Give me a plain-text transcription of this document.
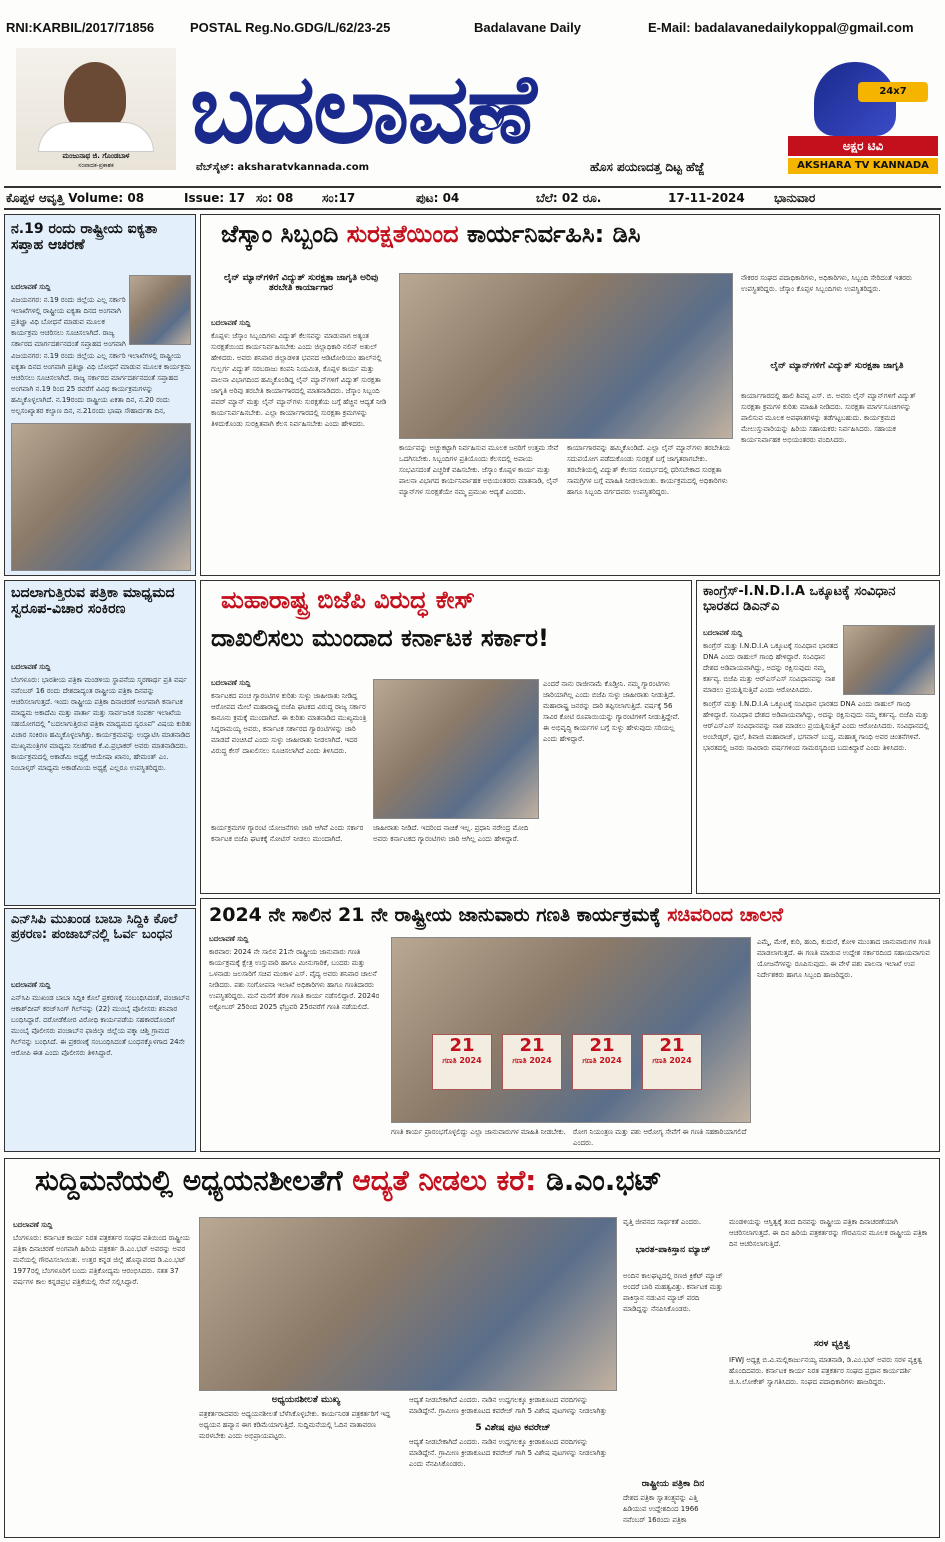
RNI:KARBIL/2017/71856	POSTAL Reg.No.GDG/L/62/23-25	Badalavane Daily	E-Mail: badalavanedailykoppal@gmail.com
ಮಂಜುನಾಥ ಜಿ. ಗೊಂಡಬಾಳ
ಸಂಪಾದಕ-ಪ್ರಕಾಶಕ
ಬದಲಾವಣೆ
ವೆಬ್‌ಸೈಟ್: aksharatvkannada.com	ಹೊಸ ಪಯಣದತ್ತ ದಿಟ್ಟ ಹೆಜ್ಜೆ
24x7
ಅಕ್ಷರ ಟಿವಿ
AKSHARA TV KANNADA
ಕೊಪ್ಪಳ ಆವೃತ್ತಿ Volume: 08	Issue: 17 ಸಂ: 08 ಸಂ:17	ಪುಟ: 04	ಬೆಲೆ: 02 ರೂ.	17-11-2024 ಭಾನುವಾರ
ನ.19 ರಂದು ರಾಷ್ಟ್ರೀಯ ಐಕ್ಯತಾ ಸಪ್ತಾಹ ಆಚರಣೆ
ಬದಲಾವಣೆ ಸುದ್ದಿ
ವಿಜಯನಗರ: ನ.19 ರಂದು ಜಿಲ್ಲೆಯ ಎಲ್ಲ ಸರ್ಕಾರಿ ಇಲಾಖೆಗಳಲ್ಲಿ ರಾಷ್ಟ್ರೀಯ ಐಕ್ಯತಾ ದಿನದ ಅಂಗವಾಗಿ ಪ್ರತಿಜ್ಞಾ ವಿಧಿ ಬೋಧನೆ ಮಾಡುವ ಮೂಲಕ ಕಾರ್ಯಕ್ರಮ ಆಚರಿಸಲು ಸೂಚಿಸಲಾಗಿದೆ. ರಾಜ್ಯ ಸರ್ಕಾರದ ಮಾರ್ಗದರ್ಶನದಂತೆ ಸಪ್ತಾಹದ ಅಂಗವಾಗಿ
ವಿಜಯನಗರ: ನ.19 ರಂದು ಜಿಲ್ಲೆಯ ಎಲ್ಲ ಸರ್ಕಾರಿ ಇಲಾಖೆಗಳಲ್ಲಿ ರಾಷ್ಟ್ರೀಯ ಐಕ್ಯತಾ ದಿನದ ಅಂಗವಾಗಿ ಪ್ರತಿಜ್ಞಾ ವಿಧಿ ಬೋಧನೆ ಮಾಡುವ ಮೂಲಕ ಕಾರ್ಯಕ್ರಮ ಆಚರಿಸಲು ಸೂಚಿಸಲಾಗಿದೆ. ರಾಜ್ಯ ಸರ್ಕಾರದ ಮಾರ್ಗದರ್ಶನದಂತೆ ಸಪ್ತಾಹದ ಅಂಗವಾಗಿ ನ.19 ರಿಂದ 25 ರವರೆಗೆ ವಿವಿಧ ಕಾರ್ಯಕ್ರಮಗಳನ್ನು ಹಮ್ಮಿಕೊಳ್ಳಲಾಗಿದೆ. ನ.19ರಂದು ರಾಷ್ಟ್ರೀಯ ಏಕತಾ ದಿನ, ನ.20 ರಂದು ಅಲ್ಪಸಂಖ್ಯಾತರ ಕಲ್ಯಾಣ ದಿನ, ನ.21ರಂದು ಭಾಷಾ ಸೌಹಾರ್ದತಾ ದಿನ,
ಬದಲಾಗುತ್ತಿರುವ ಪತ್ರಿಕಾ ಮಾಧ್ಯಮದ ಸ್ವರೂಪ-ವಿಚಾರ ಸಂಕಿರಣ
ಬದಲಾವಣೆ ಸುದ್ದಿ
ಬೆಂಗಳೂರು: ಭಾರತೀಯ ಪತ್ರಿಕಾ ಮಂಡಳಿಯ ಸ್ಥಾಪನೆಯ ಸ್ಮರಣಾರ್ಥ ಪ್ರತಿ ವರ್ಷ ನವೆಂಬರ್ 16 ರಂದು ದೇಶದಾದ್ಯಂತ ರಾಷ್ಟ್ರೀಯ ಪತ್ರಿಕಾ ದಿನವನ್ನು ಆಚರಿಸಲಾಗುತ್ತದೆ. ಇಂದು ರಾಷ್ಟ್ರೀಯ ಪತ್ರಿಕಾ ದಿನಾಚರಣೆ ಅಂಗವಾಗಿ ಕರ್ನಾಟಕ ಮಾಧ್ಯಮ ಅಕಾದೆಮಿ ಮತ್ತು ವಾರ್ತಾ ಮತ್ತು ಸಾರ್ವಜನಿಕ ಸಂಪರ್ಕ ಇಲಾಖೆಯ ಸಹಯೋಗದಲ್ಲಿ "ಬದಲಾಗುತ್ತಿರುವ ಪತ್ರಿಕಾ ಮಾಧ್ಯಮದ ಸ್ವರೂಪ" ವಿಷಯ ಕುರಿತು ವಿಚಾರ ಸಂಕಿರಣ ಹಮ್ಮಿಕೊಳ್ಳಲಾಗಿತ್ತು. ಕಾರ್ಯಕ್ರಮವನ್ನು ಉದ್ಘಾಟಿಸಿ ಮಾತನಾಡಿದ ಮುಖ್ಯಮಂತ್ರಿಗಳ ಮಾಧ್ಯಮ ಸಲಹೆಗಾರ ಕೆ.ವಿ.ಪ್ರಭಾಕರ್ ಅವರು ಮಾತನಾಡಿದರು. ಕಾರ್ಯಕ್ರಮದಲ್ಲಿ ಅಕಾಡೆಮಿ ಅಧ್ಯಕ್ಷೆ ಆಯೇಷಾ ಖಾನಂ, ಹೇಮಂತ್ ಎಂ. ನಿಂಬಾಳ್ಕರ್ ಮಾಧ್ಯಮ ಅಕಾಡೆಮಿಯ ಅಧ್ಯಕ್ಷೆ ಎಲ್ಲರೂ ಉಪಸ್ಥಿತರಿದ್ದರು.
ಎನ್‌ಸಿಪಿ ಮುಖಂಡ ಬಾಬಾ ಸಿದ್ದಿಕಿ ಕೊಲೆ ಪ್ರಕರಣ: ಪಂಜಾಬ್‌ನಲ್ಲಿ ಓರ್ವ ಬಂಧನ
ಬದಲಾವಣೆ ಸುದ್ದಿ
ಎನ್‌ಸಿಪಿ ಮುಖಂಡ ಬಾಬಾ ಸಿದ್ದಿಕಿ ಕೊಲೆ ಪ್ರಕರಣಕ್ಕೆ ಸಂಬಂಧಿಸಿದಂತೆ, ಪಂಜಾಬ್‌ನ ಆಕಾಶ್‌ದೀಪ್ ಕರಜ್‌ಸಿಂಗ್ ಗಿಲ್‌ನನ್ನು (22) ಮುಂಬೈ ಪೊಲೀಸರು ಶನಿವಾರ ಬಂಧಿಸಿದ್ದಾರೆ. ದರೋಡೆಕೋರ ವಿರೋಧಿ ಕಾರ್ಯಪಡೆಯ ಸಹಕಾರದೊಂದಿಗೆ ಮುಂಬೈ ಪೊಲೀಸರು ಪಂಜಾಬ್‌ನ ಫಾಜಿಲ್ಕಾ ಜಿಲ್ಲೆಯ ಪಕ್ಕಾ ಚಿಶ್ತಿ ಗ್ರಾಮದ ಗಿಲ್‌ನನ್ನು ಬಂಧಿಸಿದೆ. ಈ ಪ್ರಕರಣಕ್ಕೆ ಸಂಬಂಧಿಸಿದಂತೆ ಬಂಧನಕ್ಕೊಳಗಾದ 24ನೇ ಆರೋಪಿ ಈತ ಎಂದು ಪೊಲೀಸರು ತಿಳಿಸಿದ್ದಾರೆ.
ಜೆಸ್ಕಾಂ ಸಿಬ್ಬಂದಿ ಸುರಕ್ಷತೆಯಿಂದ ಕಾರ್ಯನಿರ್ವಹಿಸಿ: ಡಿಸಿ
ಲೈನ್ ಮ್ಯಾನ್‌ಗಳಿಗೆ ವಿದ್ಯುತ್ ಸುರಕ್ಷತಾ ಜಾಗೃತಿ ಅರಿವು ತರಬೇತಿ ಕಾರ್ಯಾಗಾರ
ಬದಲಾವಣೆ ಸುದ್ದಿ
ಕೊಪ್ಪಳ: ಜೆಸ್ಕಾಂ ಸಿಬ್ಬಂದಿಗಳು ವಿದ್ಯುತ್ ಕೆಲಸವನ್ನು ಮಾಡುವಾಗ ಅತ್ಯಂತ ಸುರಕ್ಷತೆಯಿಂದ ಕಾರ್ಯನಿರ್ವಹಿಸಬೇಕು ಎಂದು ಜಿಲ್ಲಾಧಿಕಾರಿ ನಲಿನ್ ಅತುಲ್ ಹೇಳಿದರು. ಅವರು ಶನಿವಾರ ಜಿಲ್ಲಾಡಳಿತ ಭವನದ ಆಡಿಟೋರಿಯಂ ಹಾಲ್‌ನಲ್ಲಿ ಗುಲ್ಬರ್ಗ ವಿದ್ಯುತ್ ಸರಬರಾಜು ಕಂಪನಿ ನಿಯಮಿತ, ಕೊಪ್ಪಳ ಕಾರ್ಯ ಮತ್ತು ಪಾಲನಾ ವಿಭಾಗದಿಂದ ಹಮ್ಮಿಕೊಂಡಿದ್ದ ಲೈನ್ ಮ್ಯಾನ್‌ಗಳಿಗೆ ವಿದ್ಯುತ್ ಸುರಕ್ಷತಾ ಜಾಗೃತಿ ಅರಿವು ತರಬೇತಿ ಕಾರ್ಯಾಗಾರದಲ್ಲಿ ಮಾತನಾಡಿದರು. ಜೆಸ್ಕಾಂ ಸಿಬ್ಬಂದಿ ಪವರ್ ಮ್ಯಾನ್ ಮತ್ತು ಲೈನ್ ಮ್ಯಾನ್‌ಗಳು ಸುರಕ್ಷತೆಯ ಬಗ್ಗೆ ಹೆಚ್ಚಿನ ಆದ್ಯತೆ ನೀಡಿ ಕಾರ್ಯನಿರ್ವಹಿಸಬೇಕು. ಎಲ್ಲಾ ಕಾರ್ಯಾಗಾರದಲ್ಲಿ ಸುರಕ್ಷತಾ ಕ್ರಮಗಳನ್ನು ತಿಳಿದುಕೊಂಡು ಸುರಕ್ಷಿತವಾಗಿ ಕೆಲಸ ನಿರ್ವಹಿಸಬೇಕು ಎಂದು ಹೇಳಿದರು.
ಕಾರ್ಯವನ್ನು ಅಚ್ಚುಕಟ್ಟಾಗಿ ನಿರ್ವಹಿಸುವ ಮೂಲಕ ಜನರಿಗೆ ಉತ್ತಮ ಸೇವೆ ಒದಗಿಸಬೇಕು. ಸಿಬ್ಬಂದಿಗಳ ಪ್ರತಿಯೊಂದು ಕೆಲಸದಲ್ಲಿ ಅಪಾಯ ಸಂಭವಿಸದಂತೆ ಎಚ್ಚರಿಕೆ ವಹಿಸಬೇಕು. ಜೆಸ್ಕಾಂ ಕೊಪ್ಪಳ ಕಾರ್ಯ ಮತ್ತು ಪಾಲನಾ ವಿಭಾಗದ ಕಾರ್ಯನಿರ್ವಾಹಕ ಅಭಿಯಂತರರು ಮಾತನಾಡಿ, ಲೈನ್ ಮ್ಯಾನ್‌ಗಳ ಸುರಕ್ಷತೆಯೇ ನಮ್ಮ ಪ್ರಮುಖ ಆದ್ಯತೆ ಎಂದರು.
ಕಾರ್ಯಾಗಾರವನ್ನು ಹಮ್ಮಿಕೊಂಡಿದೆ. ಎಲ್ಲಾ ಲೈನ್ ಮ್ಯಾನ್‌ಗಳು ತರಬೇತಿಯ ಸದುಪಯೋಗ ಪಡೆದುಕೊಂಡು ಸುರಕ್ಷತೆ ಬಗ್ಗೆ ಜಾಗೃತರಾಗಬೇಕು. ತರಬೇತಿಯಲ್ಲಿ ವಿದ್ಯುತ್ ಕೆಲಸದ ಸಂದರ್ಭದಲ್ಲಿ ಧರಿಸಬೇಕಾದ ಸುರಕ್ಷತಾ ಸಾಮಗ್ರಿಗಳ ಬಗ್ಗೆ ಮಾಹಿತಿ ನೀಡಲಾಯಿತು. ಕಾರ್ಯಕ್ರಮದಲ್ಲಿ ಅಧಿಕಾರಿಗಳು ಹಾಗೂ ಸಿಬ್ಬಂದಿ ವರ್ಗದವರು ಉಪಸ್ಥಿತರಿದ್ದರು.
ನೌಕರರ ಸಂಘದ ಪದಾಧಿಕಾರಿಗಳು, ಅಧಿಕಾರಿಗಳು, ಸಿಬ್ಬಂದಿ ಸೇರಿದಂತೆ ಇತರರು ಉಪಸ್ಥಿತರಿದ್ದರು. ಜೆಸ್ಕಾಂ ಕೊಪ್ಪಳ ಸಿಬ್ಬಂದಿಗಳು ಉಪಸ್ಥಿತರಿದ್ದರು.
ಲೈನ್ ಮ್ಯಾನ್‌ಗಳಿಗೆ ವಿದ್ಯುತ್ ಸುರಕ್ಷತಾ ಜಾಗೃತಿ
ಕಾರ್ಯಾಗಾರದಲ್ಲಿ ಹಾಲಿ ಶಿವಪ್ಪ ಎಸ್. ಬಿ. ಅವರು ಲೈನ್ ಮ್ಯಾನ್‌ಗಳಿಗೆ ವಿದ್ಯುತ್ ಸುರಕ್ಷತಾ ಕ್ರಮಗಳ ಕುರಿತು ಮಾಹಿತಿ ನೀಡಿದರು. ಸುರಕ್ಷತಾ ಮಾರ್ಗಸೂಚಿಗಳನ್ನು ಪಾಲಿಸುವ ಮೂಲಕ ಅಪಘಾತಗಳನ್ನು ತಡೆಗಟ್ಟಬಹುದು. ಕಾರ್ಯಕ್ರಮದ ಮೇಲುಸ್ತುವಾರಿಯನ್ನು ಹಿರಿಯ ಸಹಾಯಕರು ನಿರ್ವಹಿಸಿದರು. ಸಹಾಯಕ ಕಾರ್ಯನಿರ್ವಾಹಕ ಅಭಿಯಂತರರು ವಂದಿಸಿದರು.
ಮಹಾರಾಷ್ಟ್ರ ಬಿಜೆಪಿ ವಿರುದ್ಧ ಕೇಸ್
ದಾಖಲಿಸಲು ಮುಂದಾದ ಕರ್ನಾಟಕ ಸರ್ಕಾರ!
ಬದಲಾವಣೆ ಸುದ್ದಿ
ಕರ್ನಾಟಕದ ಪಂಚ ಗ್ಯಾರಂಟಿಗಳ ಕುರಿತು ಸುಳ್ಳು ಜಾಹೀರಾತು ನೀಡಿದ್ದ ಆರೋಪದ ಮೇಲೆ ಮಹಾರಾಷ್ಟ್ರ ಬಿಜೆಪಿ ಘಟಕದ ವಿರುದ್ಧ ರಾಜ್ಯ ಸರ್ಕಾರ ಕಾನೂನು ಕ್ರಮಕ್ಕೆ ಮುಂದಾಗಿದೆ. ಈ ಕುರಿತು ಮಾತನಾಡಿದ ಮುಖ್ಯಮಂತ್ರಿ ಸಿದ್ದರಾಮಯ್ಯ ಅವರು, ಕರ್ನಾಟಕ ಸರ್ಕಾರದ ಗ್ಯಾರಂಟಿಗಳನ್ನು ಜಾರಿ ಮಾಡದೆ ವಂಚಿಸಿದೆ ಎಂದು ಸುಳ್ಳು ಜಾಹೀರಾತು ನೀಡಲಾಗಿದೆ. ಇದರ ವಿರುದ್ಧ ಕೇಸ್ ದಾಖಲಿಸಲು ಸೂಚಿಸಲಾಗಿದೆ ಎಂದು ತಿಳಿಸಿದರು.
ಎಂದರೆ ನಾನು ರಾಜೀನಾಮೆ ಕೊಡ್ತೀನಿ. ನಮ್ಮ ಗ್ಯಾರಂಟಿಗಳು ಜಾರಿಯಾಗಿಲ್ಲ ಎಂದು ಬಿಜೆಪಿ ಸುಳ್ಳು ಜಾಹೀರಾತು ನೀಡುತ್ತಿದೆ. ಮಹಾರಾಷ್ಟ್ರ ಜನರನ್ನು ದಾರಿ ತಪ್ಪಿಸಲಾಗುತ್ತಿದೆ. ವರ್ಷಕ್ಕೆ 56 ಸಾವಿರ ಕೋಟಿ ರೂಪಾಯಿಯನ್ನು ಗ್ಯಾರಂಟಿಗಳಿಗೆ ನೀಡುತ್ತಿದ್ದೇವೆ. ಈ ಅಭಿವೃದ್ಧಿ ಕಾರ್ಯಗಳ ಬಗ್ಗೆ ಸುಳ್ಳು ಹೇಳುವುದು ಸರಿಯಲ್ಲ ಎಂದು ಹೇಳಿದ್ದಾರೆ.
ಕಾರ್ಯಕ್ರಮಗಳ ಗ್ಯಾರಂಟಿ ಯೋಜನೆಗಳು ಜಾರಿ ಆಗಿವೆ ಎಂದು ಸರ್ಕಾರ ಕರ್ನಾಟಕ ಬಿಜೆಪಿ ಘಟಕಕ್ಕೆ ನೋಟಿಸ್ ನೀಡಲು ಮುಂದಾಗಿದೆ.
ಜಾಹೀರಾತು ನೀಡಿದೆ. ಇದರಿಂದ ನಾಚಿಕೆ ಇಲ್ಲ. ಪ್ರಧಾನಿ ನರೇಂದ್ರ ಮೋದಿ ಅವರು ಕರ್ನಾಟಕದ ಗ್ಯಾರಂಟಿಗಳು ಜಾರಿ ಆಗಿಲ್ಲ ಎಂದು ಹೇಳಿದ್ದಾರೆ.
ಕಾಂಗ್ರೆಸ್-I.N.D.I.A ಒಕ್ಕೂಟಕ್ಕೆ ಸಂವಿಧಾನ ಭಾರತದ ಡಿಎನ್‌ಎ
ಬದಲಾವಣೆ ಸುದ್ದಿ
ಕಾಂಗ್ರೆಸ್ ಮತ್ತು I.N.D.I.A ಒಕ್ಕೂಟಕ್ಕೆ ಸಂವಿಧಾನ ಭಾರತದ DNA ಎಂದು ರಾಹುಲ್ ಗಾಂಧಿ ಹೇಳಿದ್ದಾರೆ. ಸಂವಿಧಾನ ದೇಶದ ಅಡಿಪಾಯವಾಗಿದ್ದು, ಅದನ್ನು ರಕ್ಷಿಸುವುದು ನಮ್ಮ ಕರ್ತವ್ಯ. ಬಿಜೆಪಿ ಮತ್ತು ಆರ್‌ಎಸ್‌ಎಸ್ ಸಂವಿಧಾನವನ್ನು ನಾಶ ಮಾಡಲು ಪ್ರಯತ್ನಿಸುತ್ತಿವೆ ಎಂದು ಆರೋಪಿಸಿದರು.
ಕಾಂಗ್ರೆಸ್ ಮತ್ತು I.N.D.I.A ಒಕ್ಕೂಟಕ್ಕೆ ಸಂವಿಧಾನ ಭಾರತದ DNA ಎಂದು ರಾಹುಲ್ ಗಾಂಧಿ ಹೇಳಿದ್ದಾರೆ. ಸಂವಿಧಾನ ದೇಶದ ಅಡಿಪಾಯವಾಗಿದ್ದು, ಅದನ್ನು ರಕ್ಷಿಸುವುದು ನಮ್ಮ ಕರ್ತವ್ಯ. ಬಿಜೆಪಿ ಮತ್ತು ಆರ್‌ಎಸ್‌ಎಸ್ ಸಂವಿಧಾನವನ್ನು ನಾಶ ಮಾಡಲು ಪ್ರಯತ್ನಿಸುತ್ತಿವೆ ಎಂದು ಆರೋಪಿಸಿದರು. ಸಂವಿಧಾನದಲ್ಲಿ ಅಂಬೇಡ್ಕರ್, ಫುಲೆ, ಶಿವಾಜಿ ಮಹಾರಾಜ್, ಭಗವಾನ್ ಬುದ್ಧ, ಮಹಾತ್ಮ ಗಾಂಧಿ ಅವರ ಚಿಂತನೆಗಳಿವೆ. ಭಾರತದಲ್ಲಿ ಜನರು ಸಾವಿರಾರು ವರ್ಷಗಳಿಂದ ಸಾಮರಸ್ಯದಿಂದ ಬದುಕಿದ್ದಾರೆ ಎಂದು ತಿಳಿಸಿದರು.
2024 ನೇ ಸಾಲಿನ 21 ನೇ ರಾಷ್ಟ್ರೀಯ ಜಾನುವಾರು ಗಣತಿ ಕಾರ್ಯಕ್ರಮಕ್ಕೆ ಸಚಿವರಿಂದ ಚಾಲನೆ
ಬದಲಾವಣೆ ಸುದ್ದಿ
ಕಾರವಾರ: 2024 ನೇ ಸಾಲಿನ 21ನೇ ರಾಷ್ಟ್ರೀಯ ಜಾನುವಾರು ಗಣತಿ ಕಾರ್ಯಕ್ರಮಕ್ಕೆ ಕ್ಷೇತ್ರ ಉಸ್ತುವಾರಿ ಹಾಗೂ ಮೀನುಗಾರಿಕೆ, ಬಂದರು ಮತ್ತು ಒಳನಾಡು ಜಲಸಾರಿಗೆ ಸಚಿವ ಮಂಕಾಳ ಎಸ್. ವೈದ್ಯ ಅವರು ಶನಿವಾರ ಚಾಲನೆ ನೀಡಿದರು. ಪಶು ಸಂಗೋಪನಾ ಇಲಾಖೆ ಅಧಿಕಾರಿಗಳು ಹಾಗೂ ಗಣತಿದಾರರು ಉಪಸ್ಥಿತರಿದ್ದರು. ಮನೆ ಮನೆಗೆ ತೆರಳಿ ಗಣತಿ ಕಾರ್ಯ ನಡೆಸಲಿದ್ದಾರೆ. 2024ರ ಅಕ್ಟೋಬರ್ 25ರಿಂದ 2025 ಫೆಬ್ರವರಿ 25ರವರೆಗೆ ಗಣತಿ ನಡೆಯಲಿದೆ.
21
ಗಣತಿ 2024
21
ಗಣತಿ 2024
21
ಗಣತಿ 2024
21
ಗಣತಿ 2024
ಗಣತಿ ಕಾರ್ಯ ಪ್ರಾರಂಭಗೊಳ್ಳಲಿದ್ದು ಎಲ್ಲಾ ಜಾನುವಾರುಗಳ ಮಾಹಿತಿ ನೀಡಬೇಕು.	ರೋಗ ನಿಯಂತ್ರಣ ಮತ್ತು ಪಶು ಆರೋಗ್ಯ ಸೇವೆಗೆ ಈ ಗಣತಿ ಸಹಕಾರಿಯಾಗಲಿದೆ ಎಂದರು.
ಎಮ್ಮೆ, ಮೇಕೆ, ಕುರಿ, ಹಂದಿ, ಕುದುರೆ, ಕೋಳಿ ಮುಂತಾದ ಜಾನುವಾರುಗಳ ಗಣತಿ ಮಾಡಲಾಗುತ್ತದೆ. ಈ ಗಣತಿ ಮಾಡುವ ಉದ್ದೇಶ ಸರ್ಕಾರದಿಂದ ಸಹಾಯವಾಗುವ ಯೋಜನೆಗಳನ್ನು ರೂಪಿಸುವುದು. ಈ ವೇಳೆ ಪಶು ಪಾಲನಾ ಇಲಾಖೆ ಉಪ ನಿರ್ದೇಶಕರು ಹಾಗೂ ಸಿಬ್ಬಂದಿ ಹಾಜರಿದ್ದರು.
ಸುದ್ದಿಮನೆಯಲ್ಲಿ ಅಧ್ಯಯನಶೀಲತೆಗೆ ಆದ್ಯತೆ ನೀಡಲು ಕರೆ: ಡಿ.ಎಂ.ಭಟ್
ಬದಲಾವಣೆ ಸುದ್ದಿ
ಬೆಂಗಳೂರು: ಕರ್ನಾಟಕ ಕಾರ್ಯ ನಿರತ ಪತ್ರಕರ್ತರ ಸಂಘದ ವತಿಯಿಂದ ರಾಷ್ಟ್ರೀಯ ಪತ್ರಿಕಾ ದಿನಾಚರಣೆ ಅಂಗವಾಗಿ ಹಿರಿಯ ಪತ್ರಕರ್ತ ಡಿ.ಎಂ.ಭಟ್ ಅವರನ್ನು ಅವರ ಮನೆಯಲ್ಲಿ ಗೌರವಿಸಲಾಯಿತು. ಉತ್ತರ ಕನ್ನಡ ಜಿಲ್ಲೆ ಹೊನ್ನಾವರದ ಡಿ.ಎಂ.ಭಟ್ 1977ರಲ್ಲಿ ಬೆಂಗಳೂರಿಗೆ ಬಂದು ಪತ್ರಿಕೋದ್ಯಮ ಆರಂಭಿಸಿದರು. ಸತತ 37 ವರ್ಷಗಳ ಕಾಲ ಕನ್ನಡಪ್ರಭ ಪತ್ರಿಕೆಯಲ್ಲಿ ಸೇವೆ ಸಲ್ಲಿಸಿದ್ದಾರೆ.
ಅಧ್ಯಯನಶೀಲತೆ ಮುಖ್ಯ
ಪತ್ರಕರ್ತರಾದವರು ಅಧ್ಯಯನಶೀಲತೆ ಬೆಳೆಸಿಕೊಳ್ಳಬೇಕು. ಕಾರ್ಯನಿರತ ಪತ್ರಕರ್ತರಿಗೆ ಇದ್ದ ಅಧ್ಯಯನ ಹವ್ಯಾಸ ಈಗ ಕಡಿಮೆಯಾಗುತ್ತಿದೆ. ಸುದ್ದಿಮನೆಯಲ್ಲಿ ಓದಿನ ವಾತಾವರಣ ಮರಳಬೇಕು ಎಂದು ಅಭಿಪ್ರಾಯಪಟ್ಟರು.
5 ವಿಶೇಷ ಪುಟ ಕವರೇಜ್
ಆದ್ಯತೆ ನೀಡಬೇಕಾಗಿದೆ ಎಂದರು. ನಾಡಿನ ಉದ್ದಗಲಕ್ಕೂ ಕ್ರೀಡಾಕೂಟದ ವರದಿಗಳನ್ನು ಮಾಡಿದ್ದೇನೆ. ಗ್ರಾಮೀಣ ಕ್ರೀಡಾಕೂಟದ ಕವರೇಜ್ ಗಾಗಿ 5 ವಿಶೇಷ ಪುಟಗಳನ್ನು ನೀಡಲಾಗಿತ್ತು
ಆದ್ಯತೆ ನೀಡಬೇಕಾಗಿದೆ ಎಂದರು. ನಾಡಿನ ಉದ್ದಗಲಕ್ಕೂ ಕ್ರೀಡಾಕೂಟದ ವರದಿಗಳನ್ನು ಮಾಡಿದ್ದೇನೆ. ಗ್ರಾಮೀಣ ಕ್ರೀಡಾಕೂಟದ ಕವರೇಜ್ ಗಾಗಿ 5 ವಿಶೇಷ ಪುಟಗಳನ್ನು ನೀಡಲಾಗಿತ್ತು ಎಂದು ನೆನಪಿಸಿಕೊಂಡರು.
ವೃತ್ತಿ ಜೀವನದ ಸಾರ್ಥಕತೆ ಎಂದರು.
ಭಾರತ-ಪಾಕಿಸ್ತಾನ ಮ್ಯಾಚ್
ಅಂದಿನ ಕಾಲಘಟ್ಟದಲ್ಲಿ ರಣಜಿ ಕ್ರಿಕೆಟ್ ಮ್ಯಾಚ್ ಅಂದರೆ ಬಾರಿ ಮಹತ್ವವಿತ್ತು. ಕರ್ನಾಟಕ ಮತ್ತು ಪಾಕಿಸ್ತಾನ ನಡುವಿನ ಮ್ಯಾಚ್ ವರದಿ ಮಾಡಿದ್ದನ್ನು ನೆನಪಿಸಿಕೊಂಡರು.
ರಾಷ್ಟ್ರೀಯ ಪತ್ರಿಕಾ ದಿನ
ದೇಶದ ಪತ್ರಿಕಾ ಸ್ವಾತಂತ್ರ್ಯವನ್ನು ಎತ್ತಿ ಹಿಡಿಯುವ ಉದ್ದೇಶದಿಂದ 1966 ನವೆಂಬರ್ 16ರಂದು ಪತ್ರಿಕಾ
ಮಂಡಳಿಯನ್ನು ಆಸ್ತಿತ್ವಕ್ಕೆ ತಂದ ದಿನವನ್ನು ರಾಷ್ಟ್ರೀಯ ಪತ್ರಿಕಾ ದಿನಾಚರಣೆಯಾಗಿ ಆಚರಿಸಲಾಗುತ್ತದೆ. ಈ ದಿನ ಹಿರಿಯ ಪತ್ರಕರ್ತರನ್ನು ಗೌರವಿಸುವ ಮೂಲಕ ರಾಷ್ಟ್ರೀಯ ಪತ್ರಿಕಾ ದಿನ ಆಚರಿಸಲಾಗುತ್ತಿದೆ.
ಸರಳ ವ್ಯಕ್ತಿತ್ವ
IFWJ ಅಧ್ಯಕ್ಷ ಬಿ.ವಿ.ಮಲ್ಲಿಕಾರ್ಜುನಯ್ಯ ಮಾತನಾಡಿ, ಡಿ.ಎಂ.ಭಟ್ ಅವರು ಸರಳ ವ್ಯಕ್ತಿತ್ವ ಹೊಂದಿದವರು. ಕರ್ನಾಟಕ ಕಾರ್ಯ ನಿರತ ಪತ್ರಕರ್ತರ ಸಂಘದ ಪ್ರಧಾನ ಕಾರ್ಯದರ್ಶಿ ಜಿ.ಸಿ.ಲೋಕೇಶ್ ಸ್ವಾಗತಿಸಿದರು. ಸಂಘದ ಪದಾಧಿಕಾರಿಗಳು ಹಾಜರಿದ್ದರು.
